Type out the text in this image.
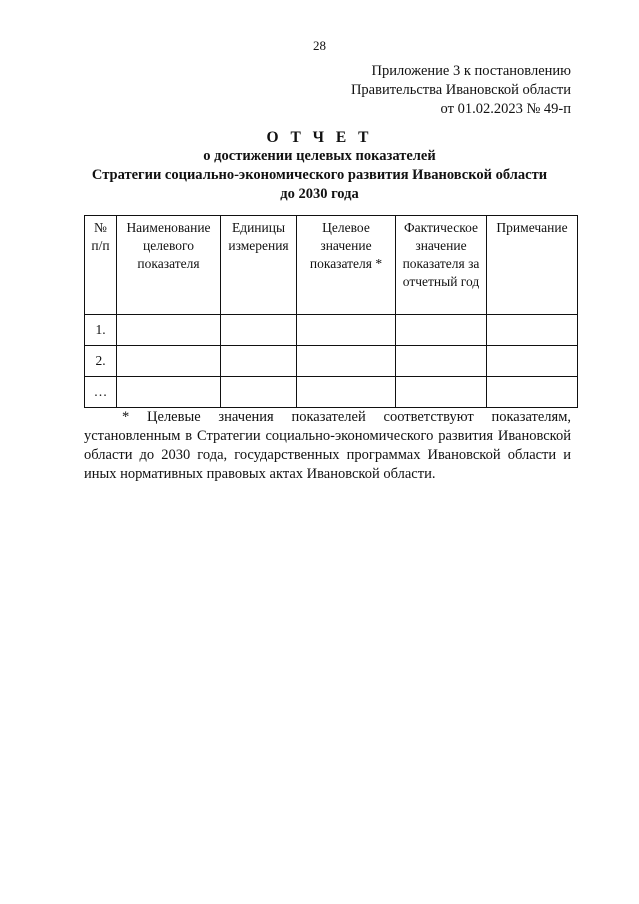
28
Приложение 3 к постановлению
Правительства Ивановской области
от 01.02.2023 № 49-п
О Т Ч Е Т
о достижении целевых показателей
Стратегии социально-экономического развития Ивановской области
до 2030 года
№ п/п	Наименование целевого показателя	Единицы измерения	Целевое значение показателя *	Фактическое значение показателя за отчетный год	Примечание
1.					
2.					
…					
* Целевые значения показателей соответствуют показателям, установленным в Стратегии социально-экономического развития Ивановской области до 2030 года, государственных программах Ивановской области и иных нормативных правовых актах Ивановской области.
